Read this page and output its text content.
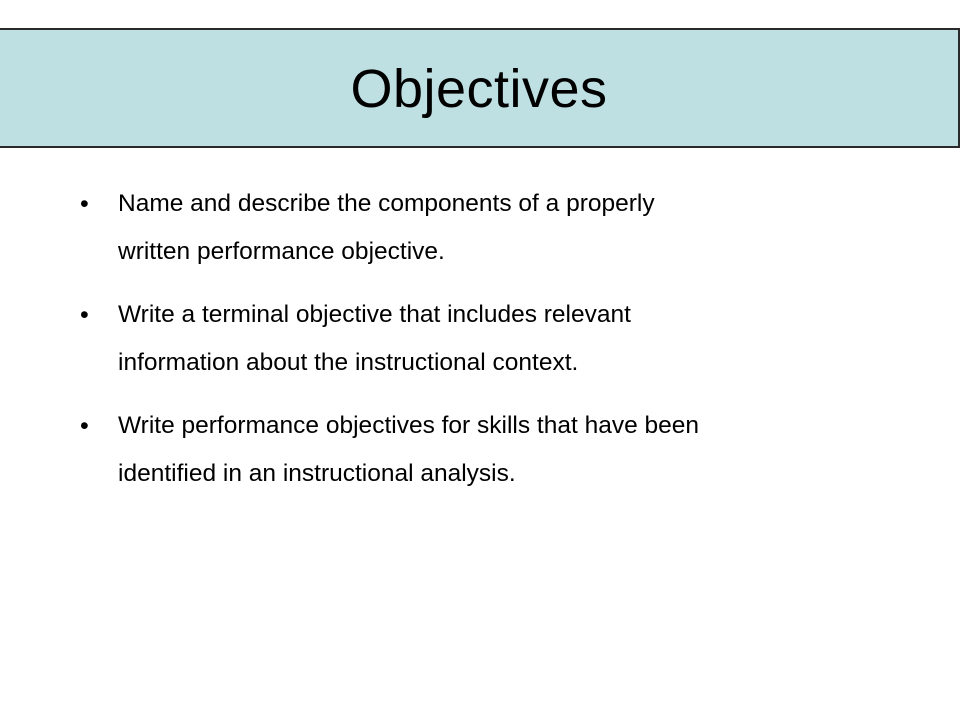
Objectives
•	Name and describe the components of a properly
written performance objective.
•	Write a terminal objective that includes relevant
information about the instructional context.
•	Write performance objectives for skills that have been
identified in an instructional analysis.
